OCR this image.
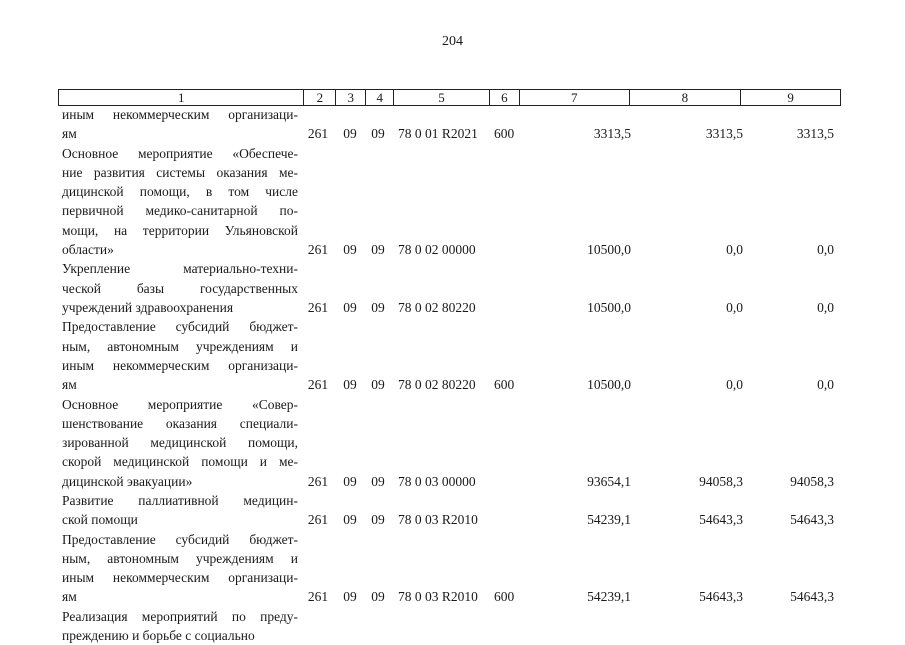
204
1	2	3	4	5	6	7	8	9
иным некоммерческим организаци-
ям	261	09	09 78 0 01 R2021	600	3313,5	3313,5	3313,5
Основное мероприятие «Обеспече-
ние развития системы оказания ме-
дицинской помощи, в том числе
первичной медико-санитарной по-
мощи, на территории Ульяновской
области»	261	09	09 78 0 02 00000	10500,0	0,0	0,0
Укрепление материально-техни-
ческой базы государственных
учреждений здравоохранения	261	09	09 78 0 02 80220	10500,0	0,0	0,0
Предоставление субсидий бюджет-
ным, автономным учреждениям и
иным некоммерческим организаци-
ям	261	09	09 78 0 02 80220	600	10500,0	0,0	0,0
Основное мероприятие «Совер-
шенствование оказания специали-
зированной медицинской помощи,
скорой медицинской помощи и ме-
дицинской эвакуации»	261	09	09 78 0 03 00000	93654,1	94058,3	94058,3
Развитие паллиативной медицин-
ской помощи	261	09	09 78 0 03 R2010	54239,1	54643,3	54643,3
Предоставление субсидий бюджет-
ным, автономным учреждениям и
иным некоммерческим организаци-
ям	261	09	09 78 0 03 R2010	600	54239,1	54643,3	54643,3
Реализация мероприятий по преду-
преждению и борьбе с социально
